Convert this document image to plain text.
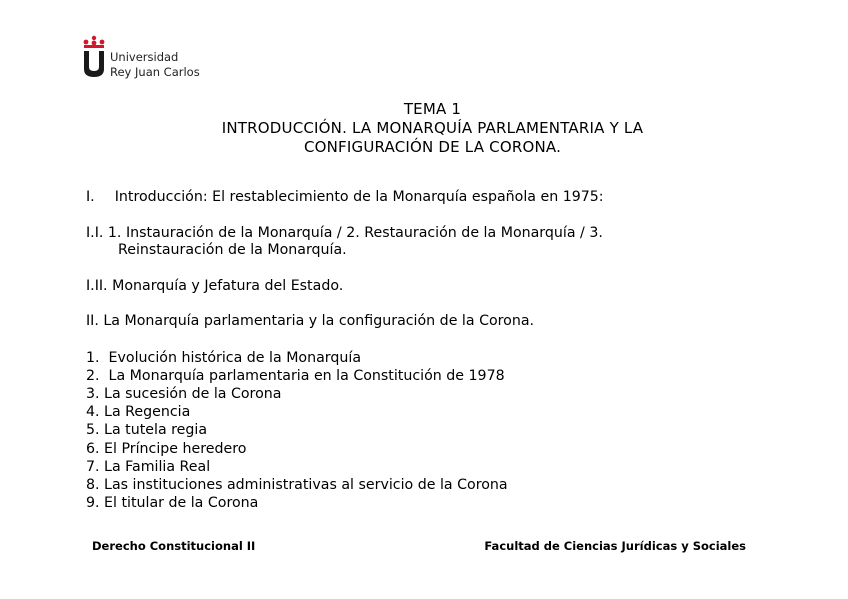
Universidad
Rey Juan Carlos
TEMA 1
INTRODUCCIÓN. LA MONARQUÍA PARLAMENTARIA Y LA
CONFIGURACIÓN DE LA CORONA.
I. Introducción: El restablecimiento de la Monarquía española en 1975:
I.I. 1. Instauración de la Monarquía / 2. Restauración de la Monarquía / 3.
Reinstauración de la Monarquía.
I.II. Monarquía y Jefatura del Estado.
II. La Monarquía parlamentaria y la configuración de la Corona.
1.  Evolución histórica de la Monarquía
2.  La Monarquía parlamentaria en la Constitución de 1978
3. La sucesión de la Corona
4. La Regencia
5. La tutela regia
6. El Príncipe heredero
7. La Familia Real
8. Las instituciones administrativas al servicio de la Corona
9. El titular de la Corona
Derecho Constitucional II	Facultad de Ciencias Jurídicas y Sociales
